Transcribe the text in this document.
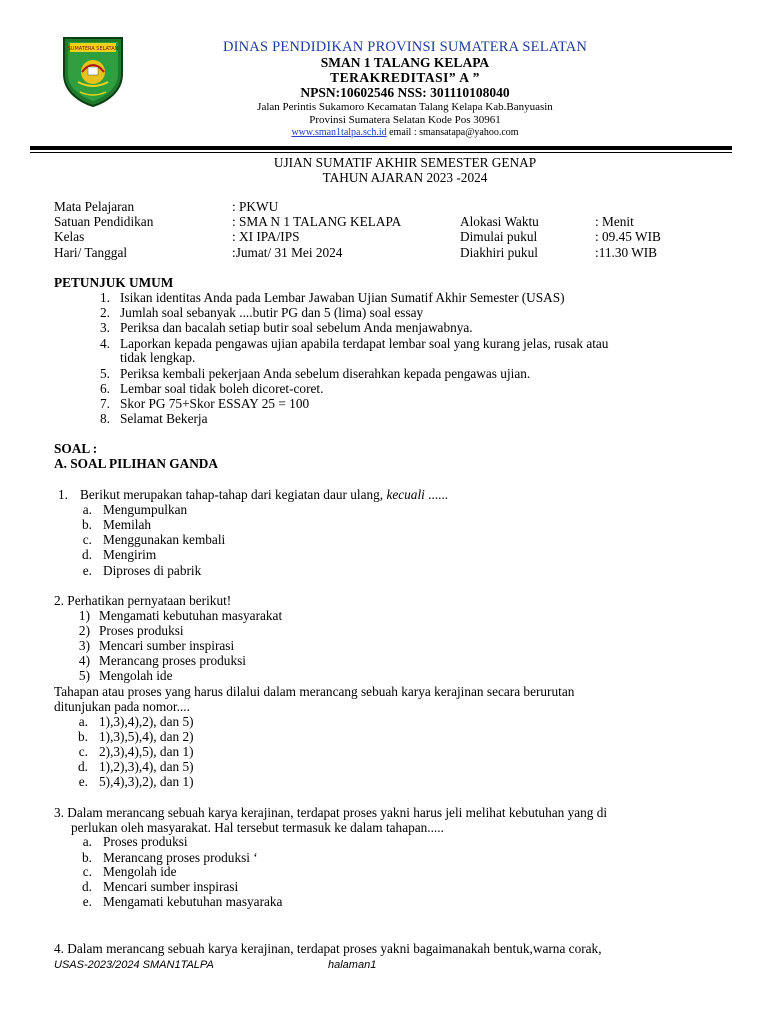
SUMATERA SELATAN	DINAS PENDIDIKAN PROVINSI SUMATERA SELATAN
SMAN 1 TALANG KELAPA
TERAKREDITASI” A ”
NPSN:10602546 NSS: 301110108040
Jalan Perintis Sukamoro Kecamatan Talang Kelapa Kab.Banyuasin
Provinsi Sumatera Selatan Kode Pos 30961
www.sman1talpa.sch.id email : smansatapa@yahoo.com
UJIAN SUMATIF AKHIR SEMESTER GENAP
TAHUN AJARAN 2023 -2024
Mata Pelajaran	: PKWU
Satuan Pendidikan	: SMA N 1 TALANG KELAPA	Alokasi Waktu	: Menit
Kelas	: XI IPA/IPS	Dimulai pukul	: 09.45 WIB
Hari/ Tanggal	:Jumat/ 31 Mei 2024	Diakhiri pukul	:11.30 WIB
PETUNJUK UMUM
1. Isikan identitas Anda pada Lembar Jawaban Ujian Sumatif Akhir Semester (USAS)
2. Jumlah soal sebanyak ....butir PG dan 5 (lima) soal essay
3. Periksa dan bacalah setiap butir soal sebelum Anda menjawabnya.
4. Laporkan kepada pengawas ujian apabila terdapat lembar soal yang kurang jelas, rusak atau
tidak lengkap.
5. Periksa kembali pekerjaan Anda sebelum diserahkan kepada pengawas ujian.
6. Lembar soal tidak boleh dicoret-coret.
7. Skor PG 75+Skor ESSAY 25 = 100
8. Selamat Bekerja
SOAL :
A. SOAL PILIHAN GANDA
1. Berikut merupakan tahap-tahap dari kegiatan daur ulang, kecuali ......
a. Mengumpulkan
b. Memilah
c. Menggunakan kembali
d. Mengirim
e. Diproses di pabrik
2. Perhatikan pernyataan berikut!
1) Mengamati kebutuhan masyarakat
2) Proses produksi
3) Mencari sumber inspirasi
4) Merancang proses produksi
5) Mengolah ide
Tahapan atau proses yang harus dilalui dalam merancang sebuah karya kerajinan secara berurutan
ditunjukan pada nomor....
a. 1),3),4),2), dan 5)
b. 1),3),5),4), dan 2)
c. 2),3),4),5), dan 1)
d. 1),2),3),4), dan 5)
e. 5),4),3),2), dan 1)
3. Dalam merancang sebuah karya kerajinan, terdapat proses yakni harus jeli melihat kebutuhan yang di
perlukan oleh masyarakat. Hal tersebut termasuk ke dalam tahapan.....
a. Proses produksi
b. Merancang proses produksi ‘
c. Mengolah ide
d. Mencari sumber inspirasi
e. Mengamati kebutuhan masyaraka
4. Dalam merancang sebuah karya kerajinan, terdapat proses yakni bagaimanakah bentuk,warna corak,
USAS-2023/2024 SMAN1TALPA	halaman1
